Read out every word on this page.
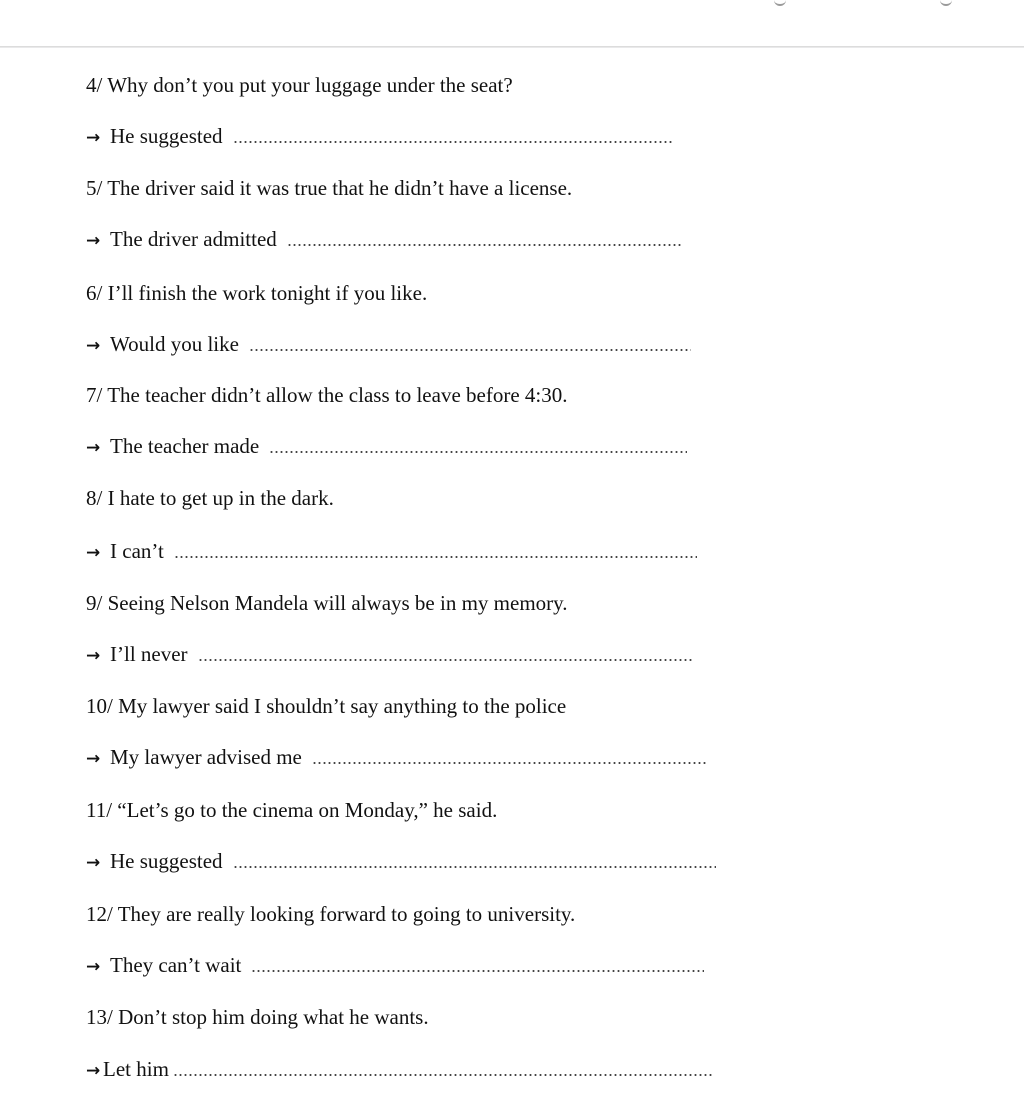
4/ Why don’t you put your luggage under the seat?
→ He suggested
5/ The driver said it was true that he didn’t have a license.
→ The driver admitted
6/ I’ll finish the work tonight if you like.
→ Would you like
7/ The teacher didn’t allow the class to leave before 4:30.
→ The teacher made
8/ I hate to get up in the dark.
→ I can’t
9/ Seeing Nelson Mandela will always be in my memory.
→ I’ll never
10/ My lawyer said I shouldn’t say anything to the police
→ My lawyer advised me
11/ “Let’s go to the cinema on Monday,” he said.
→ He suggested
12/ They are really looking forward to going to university.
→ They can’t wait
13/ Don’t stop him doing what he wants.
→ Let him
